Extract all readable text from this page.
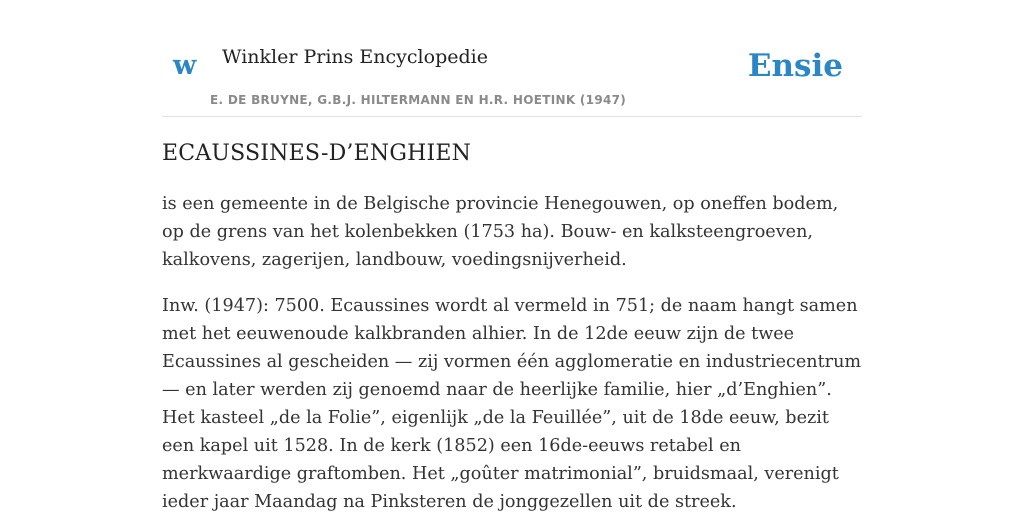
w Winkler Prins Encyclopedie
E. DE BRUYNE, G.B.J. HILTERMANN EN H.R. HOETINK (1947)
Ensie
ECAUSSINES-D’ENGHIEN

is een gemeente in de Belgische provincie Henegouwen, op oneffen bodem, op de grens van het kolenbekken (1753 ha). Bouw- en kalksteengroeven, kalkovens, zagerijen, landbouw, voedingsnijverheid.

Inw. (1947): 7500. Ecaussines wordt al vermeld in 751; de naam hangt samen met het eeuwenoude kalkbranden alhier. In de 12de eeuw zijn de twee Ecaussines al gescheiden — zij vormen één agglomeratie en industriecentrum — en later werden zij genoemd naar de heerlijke familie, hier „d’Enghien”. Het kasteel „de la Folie”, eigenlijk „de la Feuillée”, uit de 18de eeuw, bezit een kapel uit 1528. In de kerk (1852) een 16de-eeuws retabel en merkwaardige graftomben. Het „goûter matrimonial”, bruidsmaal, verenigt ieder jaar Maandag na Pinksteren de jonggezellen uit de streek.
